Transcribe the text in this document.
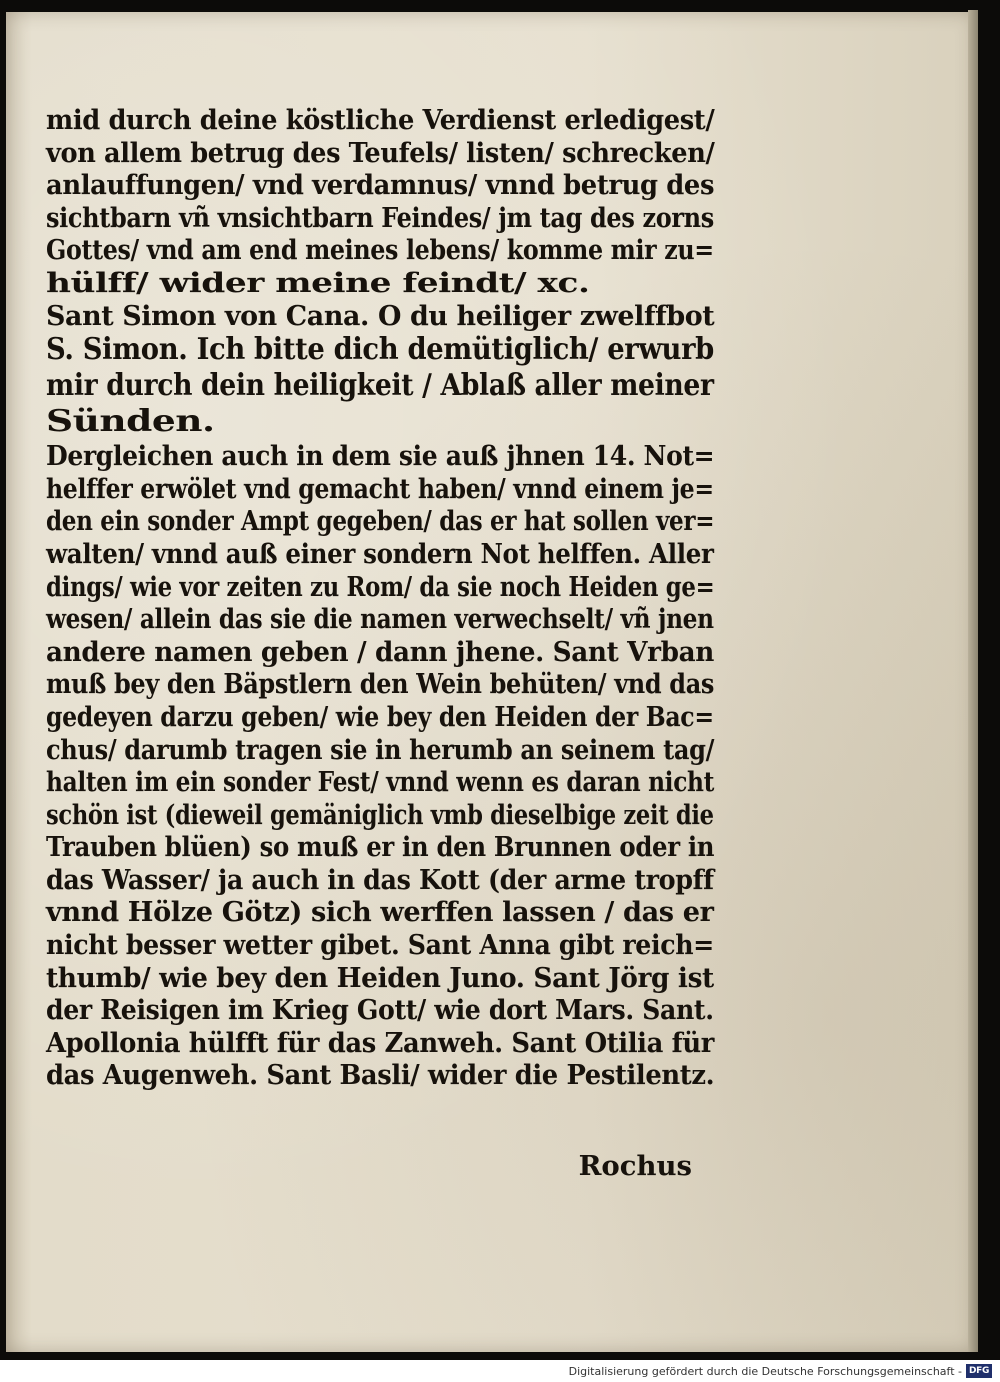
mid durch deine köstliche Verdienst erledigest/
von allem betrug des Teufels/ listen/ schrecken/
anlauffungen/ vnd verdamnus/ vnnd betrug des
sichtbarn vñ vnsichtbarn Feindes/ jm tag des zorns
Gottes/ vnd am end meines lebens/ komme mir zu=
hülff/ wider meine feindt/ xc.
Sant Simon von Cana. O du heiliger zwelffbot
S. Simon. Ich bitte dich demütiglich/ erwurb
mir durch dein heiligkeit / Ablaß aller meiner
Sünden.
Dergleichen auch in dem sie auß jhnen 14. Not=
helffer erwölet vnd gemacht haben/ vnnd einem je=
den ein sonder Ampt gegeben/ das er hat sollen ver=
walten/ vnnd auß einer sondern Not helffen. Aller
dings/ wie vor zeiten zu Rom/ da sie noch Heiden ge=
wesen/ allein das sie die namen verwechselt/ vñ jnen
andere namen geben / dann jhene. Sant Vrban
muß bey den Bäpstlern den Wein behüten/ vnd das
gedeyen darzu geben/ wie bey den Heiden der Bac=
chus/ darumb tragen sie in herumb an seinem tag/
halten im ein sonder Fest/ vnnd wenn es daran nicht
schön ist (dieweil gemäniglich vmb dieselbige zeit die
Trauben blüen) so muß er in den Brunnen oder in
das Wasser/ ja auch in das Kott (der arme tropff
vnnd Hölze Götz) sich werffen lassen / das er
nicht besser wetter gibet. Sant Anna gibt reich=
thumb/ wie bey den Heiden Juno. Sant Jörg ist
der Reisigen im Krieg Gott/ wie dort Mars. Sant.
Apollonia hülfft für das Zanweh. Sant Otilia für
das Augenweh. Sant Basli/ wider die Pestilentz.
Rochus
Digitalisierung gefördert durch die Deutsche Forschungsgemeinschaft - DFG
